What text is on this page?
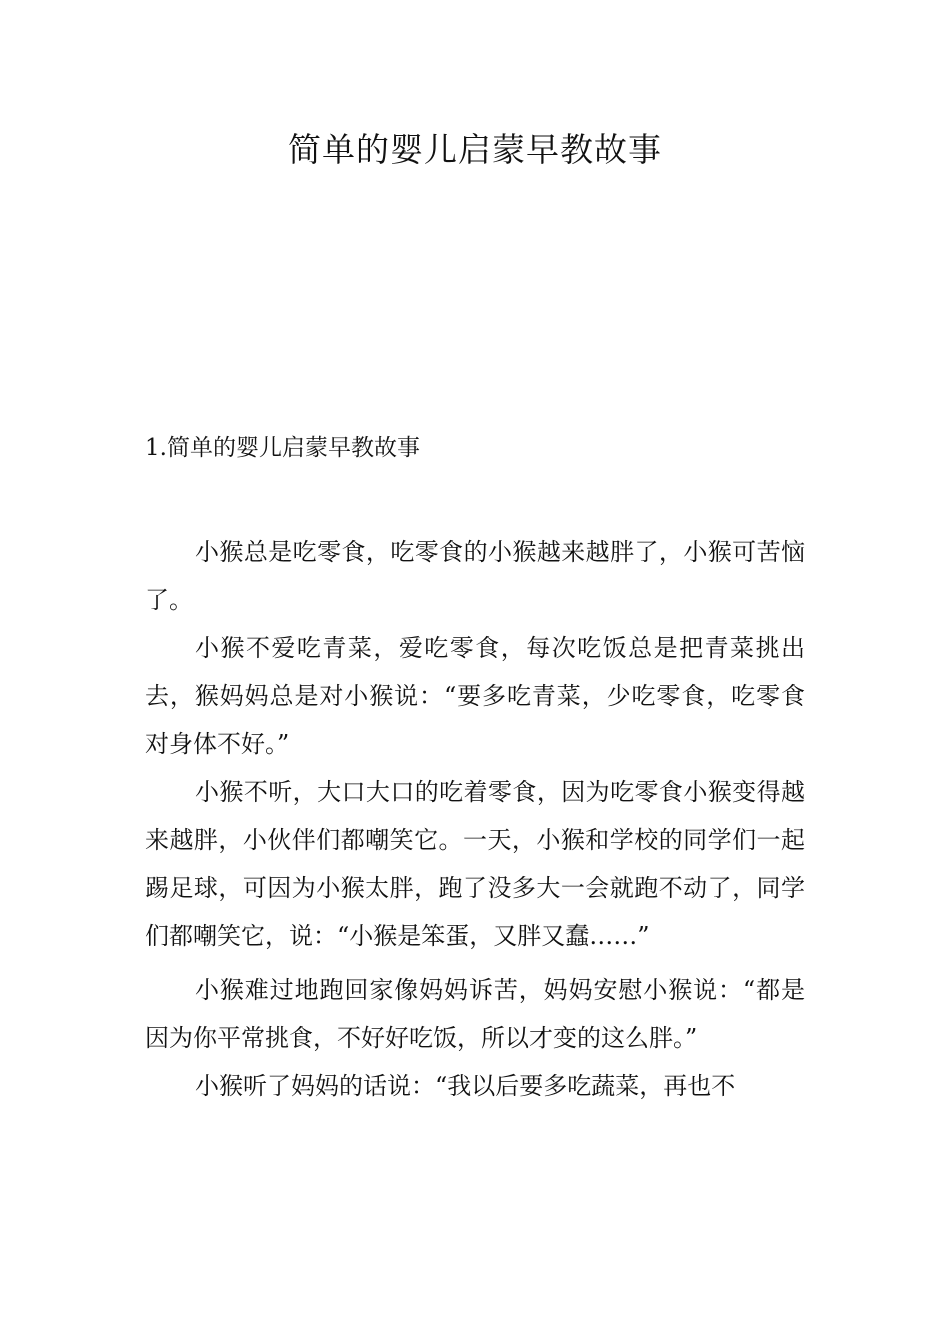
简单的婴儿启蒙早教故事
1.简单的婴儿启蒙早教故事

小猴总是吃零食，吃零食的小猴越来越胖了，小猴可苦恼了。

小猴不爱吃青菜，爱吃零食，每次吃饭总是把青菜挑出去，猴妈妈总是对小猴说：“要多吃青菜，少吃零食，吃零食对身体不好。”

小猴不听，大口大口的吃着零食，因为吃零食小猴变得越来越胖，小伙伴们都嘲笑它。一天，小猴和学校的同学们一起踢足球，可因为小猴太胖，跑了没多大一会就跑不动了，同学们都嘲笑它，说：“小猴是笨蛋，又胖又蠢……”

小猴难过地跑回家像妈妈诉苦，妈妈安慰小猴说：“都是因为你平常挑食，不好好吃饭，所以才变的这么胖。”

小猴听了妈妈的话说：“我以后要多吃蔬菜，再也不
